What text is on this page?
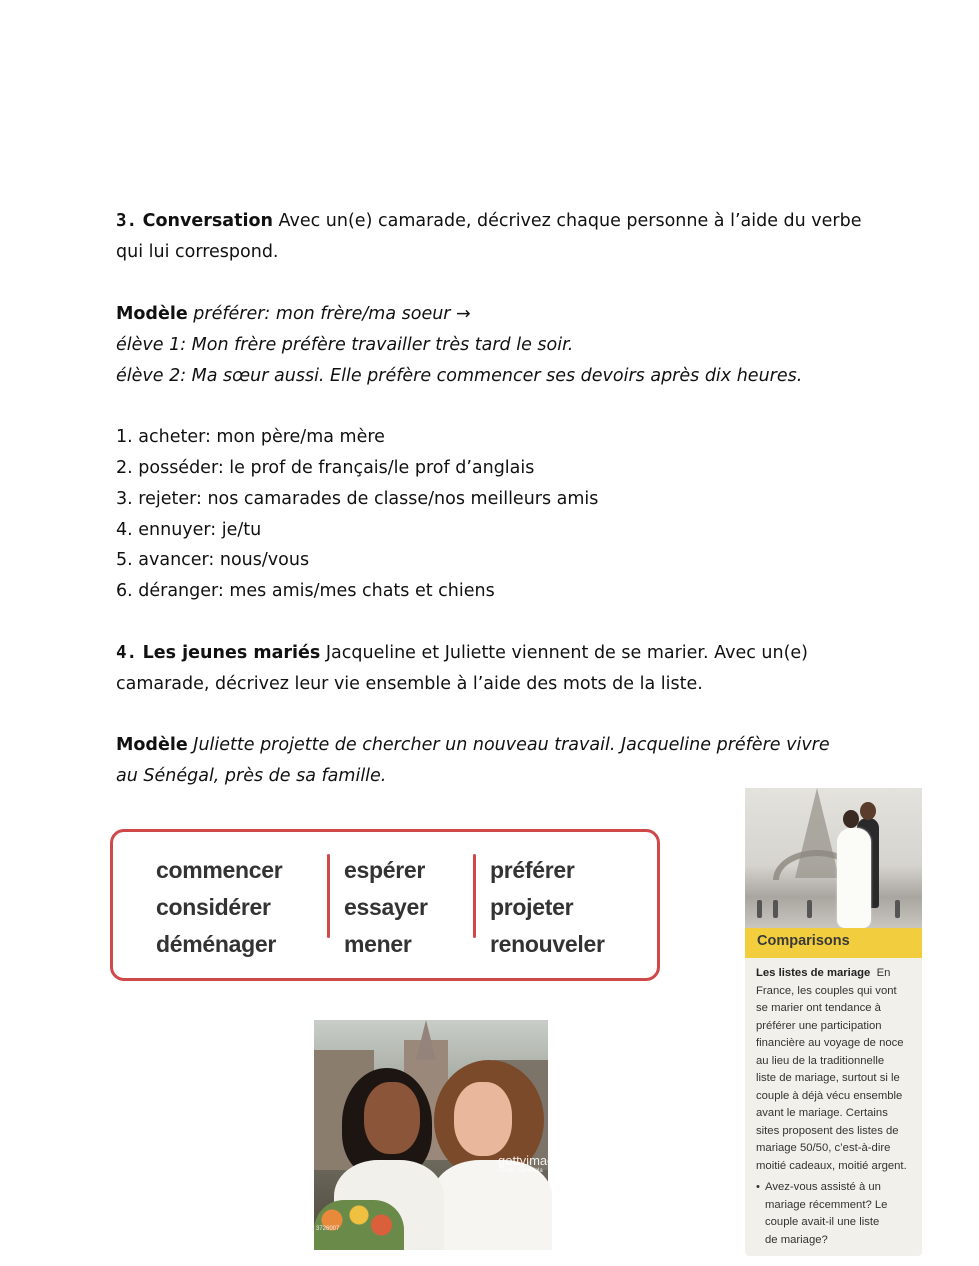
3. Conversation Avec un(e) camarade, décrivez chaque personne à l’aide du verbe
qui lui correspond.
Modèle préférer: mon frère/ma soeur →
élève 1: Mon frère préfère travailler très tard le soir.
élève 2: Ma sœur aussi. Elle préfère commencer ses devoirs après dix heures.
1. acheter: mon père/ma mère
2. posséder: le prof de français/le prof d’anglais
3. rejeter: nos camarades de classe/nos meilleurs amis
4. ennuyer: je/tu
5. avancer: nous/vous
6. déranger: mes amis/mes chats et chiens
4. Les jeunes mariés Jacqueline et Juliette viennent de se marier. Avec un(e)
camarade, décrivez leur vie ensemble à l’aide des mots de la liste.
Modèle Juliette projette de chercher un nouveau travail. Jacqueline préfère vivre
au Sénégal, près de sa famille.
commencer
considérer
déménager
espérer
essayer
mener
préférer
projeter
renouveler	Comparisons
Les listes de mariage En
France, les couples qui vont
se marier ont tendance à
préférer une participation
financière au voyage de noce
au lieu de la traditionnelle
liste de mariage, surtout si le
couple à déjà vécu ensemble
avant le mariage. Certains
sites proposent des listes de
mariage 50/50, c’est-à-dire
moitié cadeaux, moitié argent.
• Avez-vous assisté à un
mariage récemment? Le
couple avait-il une liste
de mariage?
gettyimag
Credit: LumiNola
3726007
